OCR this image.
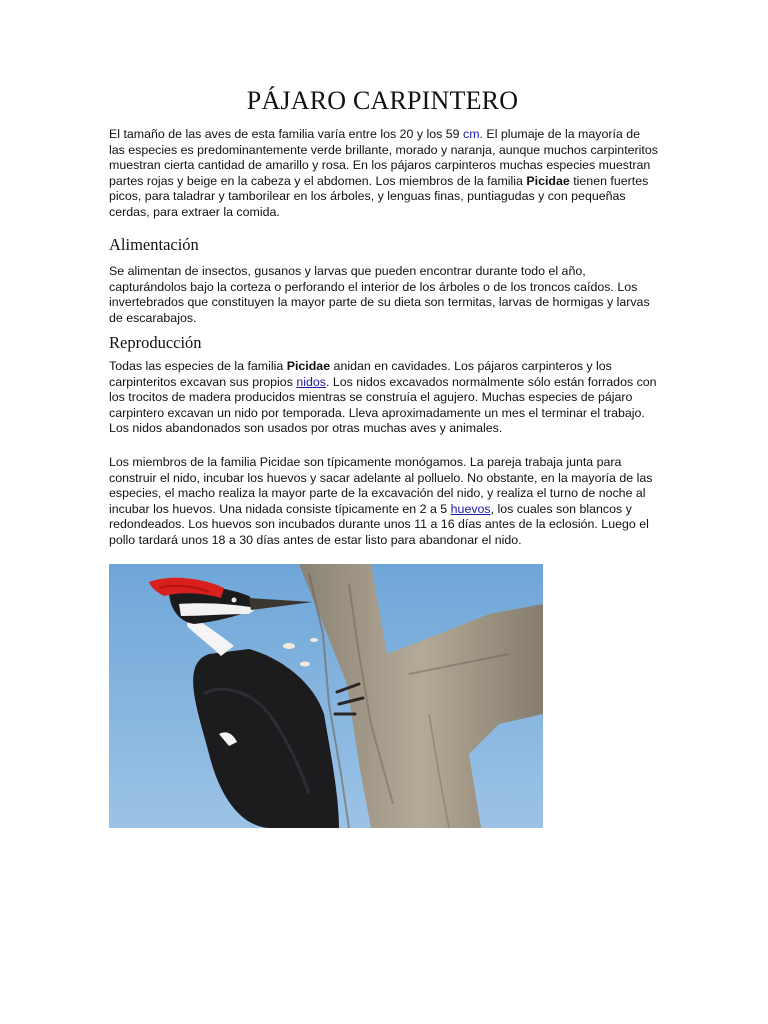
PÁJARO CARPINTERO

El tamaño de las aves de esta familia varía entre los 20 y los 59 cm. El plumaje de la mayoría de las especies es predominantemente verde brillante, morado y naranja, aunque muchos carpinteritos muestran cierta cantidad de amarillo y rosa. En los pájaros carpinteros muchas especies muestran partes rojas y beige en la cabeza y el abdomen. Los miembros de la familia Picidae tienen fuertes picos, para taladrar y tamborilear en los árboles, y lenguas finas, puntiagudas y con pequeñas cerdas, para extraer la comida.

Alimentación

Se alimentan de insectos, gusanos y larvas que pueden encontrar durante todo el año, capturándolos bajo la corteza o perforando el interior de los árboles o de los troncos caídos. Los invertebrados que constituyen la mayor parte de su dieta son termitas, larvas de hormigas y larvas de escarabajos.

Reproducción

Todas las especies de la familia Picidae anidan en cavidades. Los pájaros carpinteros y los carpinteritos excavan sus propios nidos. Los nidos excavados normalmente sólo están forrados con los trocitos de madera producidos mientras se construía el agujero. Muchas especies de pájaro carpintero excavan un nido por temporada. Lleva aproximadamente un mes el terminar el trabajo. Los nidos abandonados son usados por otras muchas aves y animales.

Los miembros de la familia Picidae son típicamente monógamos. La pareja trabaja junta para construir el nido, incubar los huevos y sacar adelante al polluelo. No obstante, en la mayoría de las especies, el macho realiza la mayor parte de la excavación del nido, y realiza el turno de noche al incubar los huevos. Una nidada consiste típicamente en 2 a 5 huevos, los cuales son blancos y redondeados. Los huevos son incubados durante unos 11 a 16 días antes de la eclosión. Luego el pollo tardará unos 18 a 30 días antes de estar listo para abandonar el nido.
